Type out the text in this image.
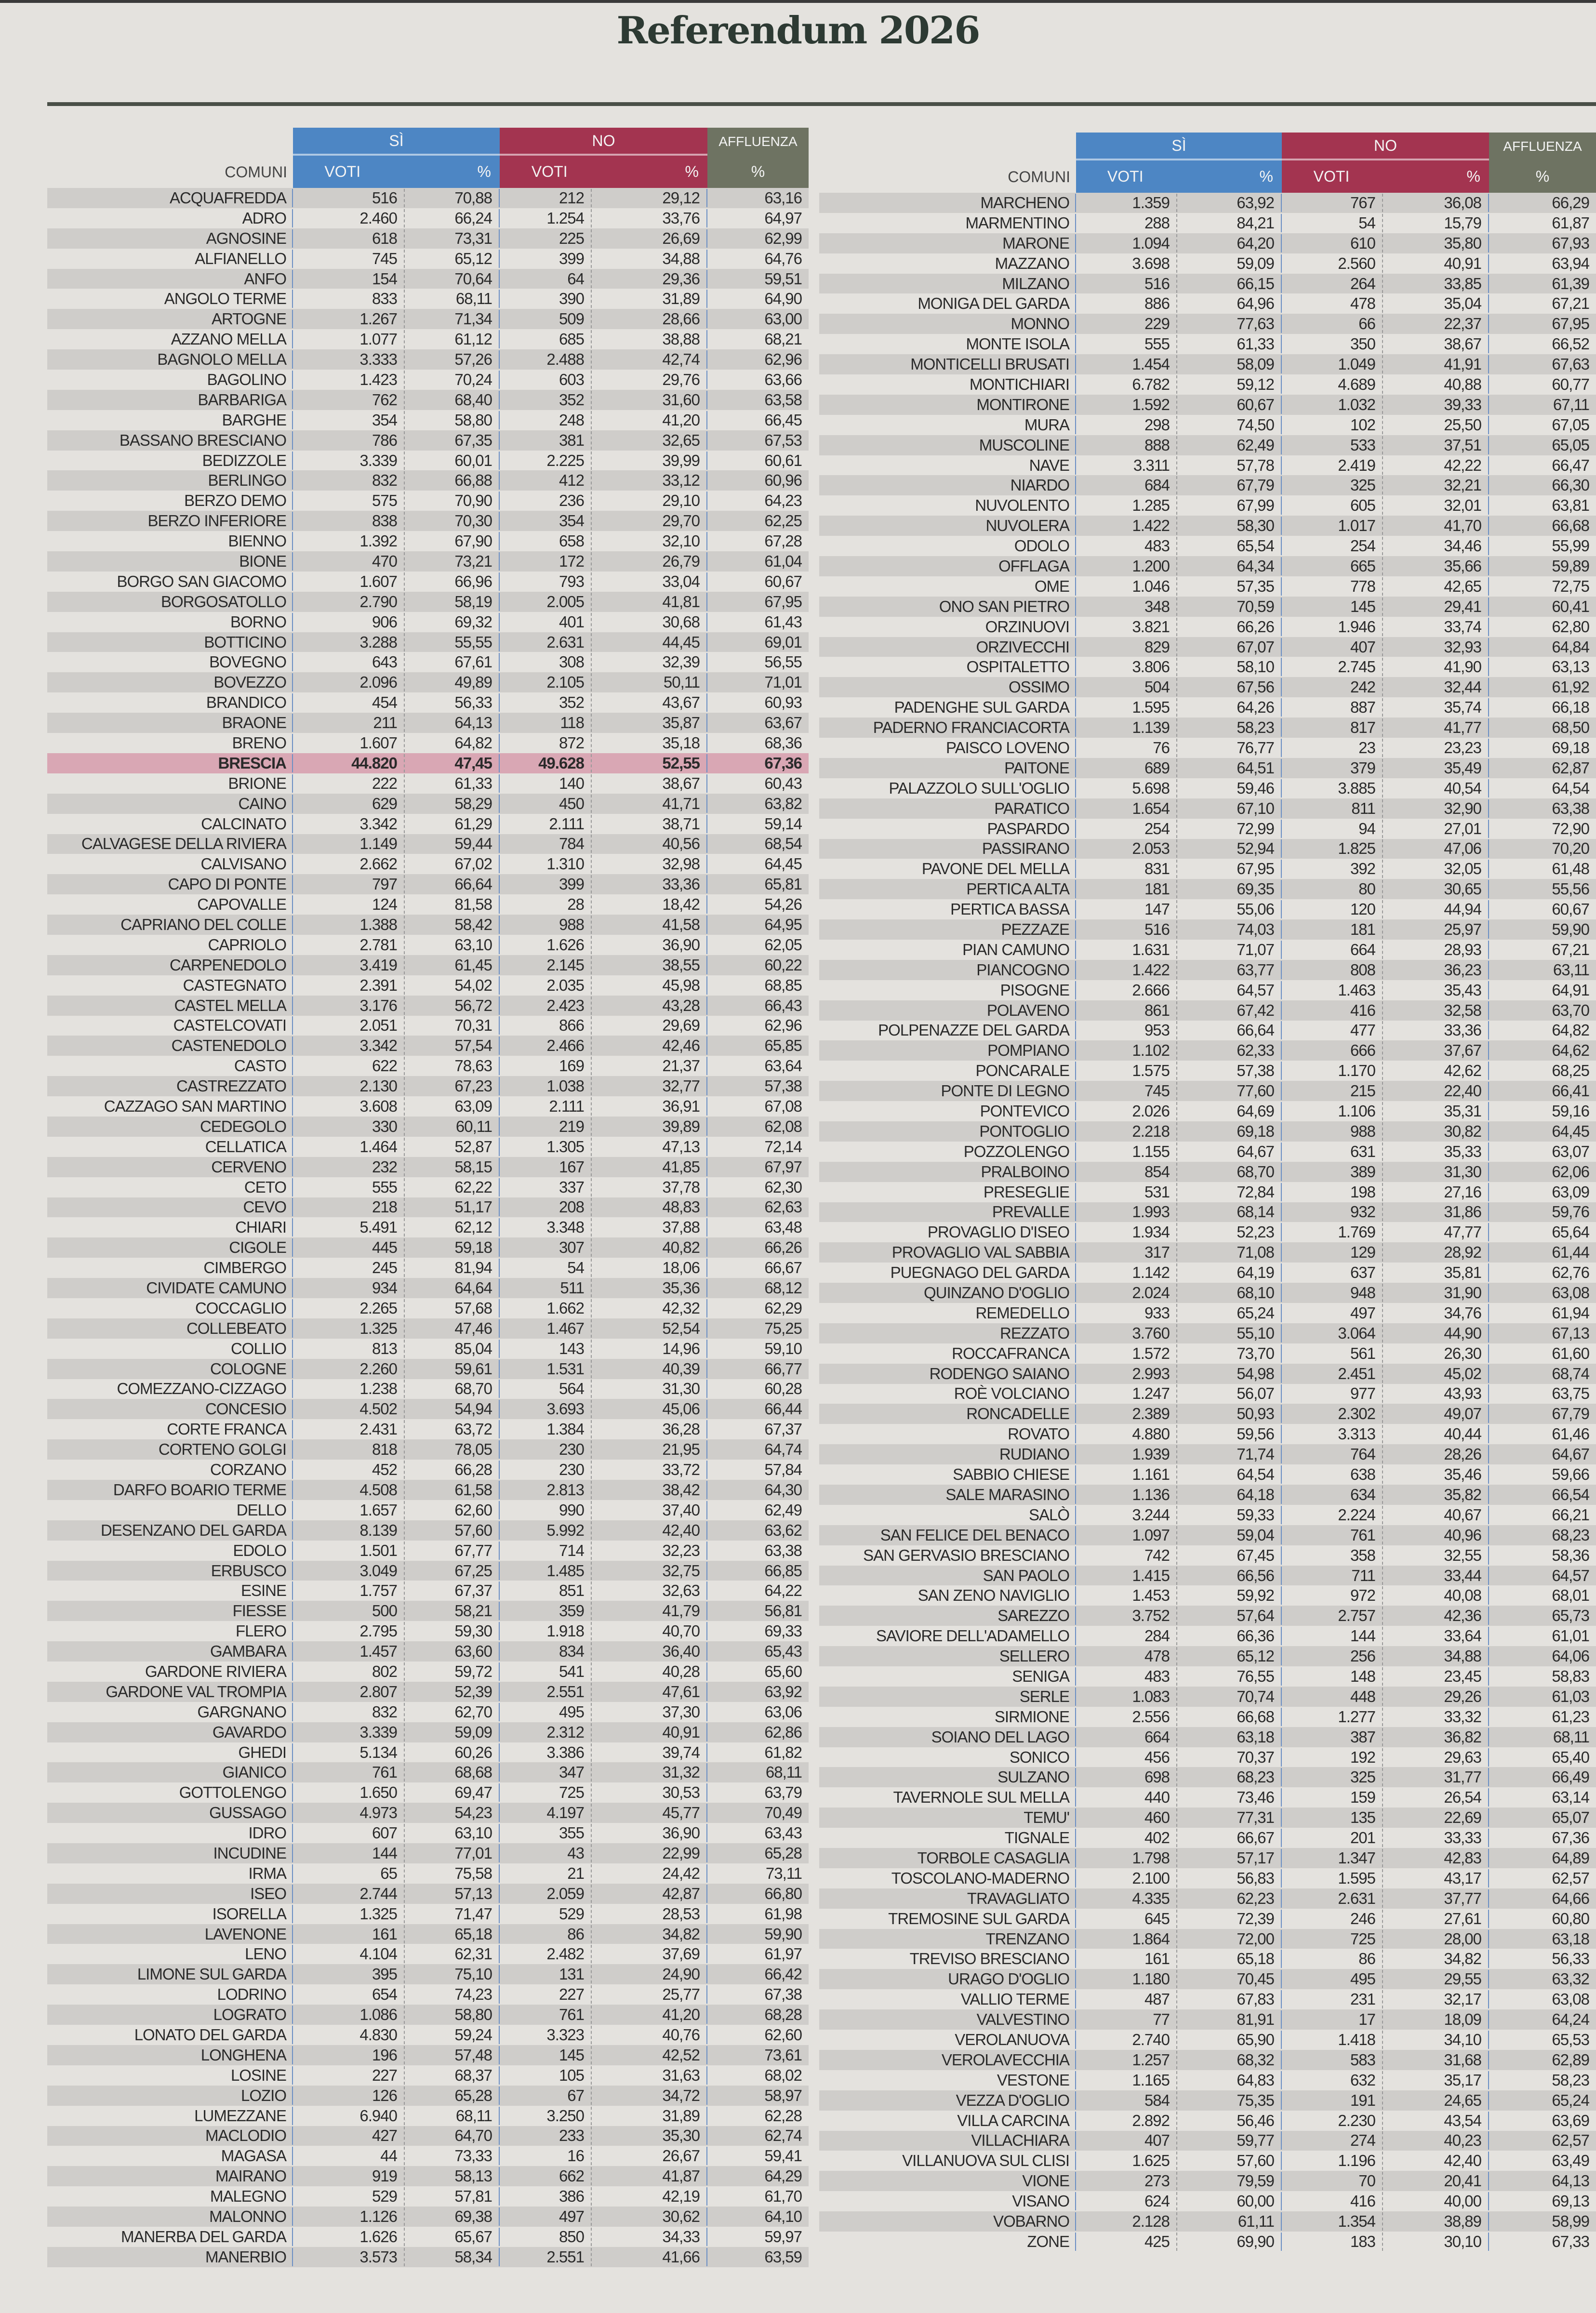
Referendum 2026
COMUNI
SÌ
VOTI	%
NO
VOTI	%
AFFLUENZA
%
ACQUAFREDDA	516	70,88	212	29,12	63,16
ADRO	2.460	66,24	1.254	33,76	64,97
AGNOSINE	618	73,31	225	26,69	62,99
ALFIANELLO	745	65,12	399	34,88	64,76
ANFO	154	70,64	64	29,36	59,51
ANGOLO TERME	833	68,11	390	31,89	64,90
ARTOGNE	1.267	71,34	509	28,66	63,00
AZZANO MELLA	1.077	61,12	685	38,88	68,21
BAGNOLO MELLA	3.333	57,26	2.488	42,74	62,96
BAGOLINO	1.423	70,24	603	29,76	63,66
BARBARIGA	762	68,40	352	31,60	63,58
BARGHE	354	58,80	248	41,20	66,45
BASSANO BRESCIANO	786	67,35	381	32,65	67,53
BEDIZZOLE	3.339	60,01	2.225	39,99	60,61
BERLINGO	832	66,88	412	33,12	60,96
BERZO DEMO	575	70,90	236	29,10	64,23
BERZO INFERIORE	838	70,30	354	29,70	62,25
BIENNO	1.392	67,90	658	32,10	67,28
BIONE	470	73,21	172	26,79	61,04
BORGO SAN GIACOMO	1.607	66,96	793	33,04	60,67
BORGOSATOLLO	2.790	58,19	2.005	41,81	67,95
BORNO	906	69,32	401	30,68	61,43
BOTTICINO	3.288	55,55	2.631	44,45	69,01
BOVEGNO	643	67,61	308	32,39	56,55
BOVEZZO	2.096	49,89	2.105	50,11	71,01
BRANDICO	454	56,33	352	43,67	60,93
BRAONE	211	64,13	118	35,87	63,67
BRENO	1.607	64,82	872	35,18	68,36
BRESCIA	44.820	47,45	49.628	52,55	67,36
BRIONE	222	61,33	140	38,67	60,43
CAINO	629	58,29	450	41,71	63,82
CALCINATO	3.342	61,29	2.111	38,71	59,14
CALVAGESE DELLA RIVIERA	1.149	59,44	784	40,56	68,54
CALVISANO	2.662	67,02	1.310	32,98	64,45
CAPO DI PONTE	797	66,64	399	33,36	65,81
CAPOVALLE	124	81,58	28	18,42	54,26
CAPRIANO DEL COLLE	1.388	58,42	988	41,58	64,95
CAPRIOLO	2.781	63,10	1.626	36,90	62,05
CARPENEDOLO	3.419	61,45	2.145	38,55	60,22
CASTEGNATO	2.391	54,02	2.035	45,98	68,85
CASTEL MELLA	3.176	56,72	2.423	43,28	66,43
CASTELCOVATI	2.051	70,31	866	29,69	62,96
CASTENEDOLO	3.342	57,54	2.466	42,46	65,85
CASTO	622	78,63	169	21,37	63,64
CASTREZZATO	2.130	67,23	1.038	32,77	57,38
CAZZAGO SAN MARTINO	3.608	63,09	2.111	36,91	67,08
CEDEGOLO	330	60,11	219	39,89	62,08
CELLATICA	1.464	52,87	1.305	47,13	72,14
CERVENO	232	58,15	167	41,85	67,97
CETO	555	62,22	337	37,78	62,30
CEVO	218	51,17	208	48,83	62,63
CHIARI	5.491	62,12	3.348	37,88	63,48
CIGOLE	445	59,18	307	40,82	66,26
CIMBERGO	245	81,94	54	18,06	66,67
CIVIDATE CAMUNO	934	64,64	511	35,36	68,12
COCCAGLIO	2.265	57,68	1.662	42,32	62,29
COLLEBEATO	1.325	47,46	1.467	52,54	75,25
COLLIO	813	85,04	143	14,96	59,10
COLOGNE	2.260	59,61	1.531	40,39	66,77
COMEZZANO-CIZZAGO	1.238	68,70	564	31,30	60,28
CONCESIO	4.502	54,94	3.693	45,06	66,44
CORTE FRANCA	2.431	63,72	1.384	36,28	67,37
CORTENO GOLGI	818	78,05	230	21,95	64,74
CORZANO	452	66,28	230	33,72	57,84
DARFO BOARIO TERME	4.508	61,58	2.813	38,42	64,30
DELLO	1.657	62,60	990	37,40	62,49
DESENZANO DEL GARDA	8.139	57,60	5.992	42,40	63,62
EDOLO	1.501	67,77	714	32,23	63,38
ERBUSCO	3.049	67,25	1.485	32,75	66,85
ESINE	1.757	67,37	851	32,63	64,22
FIESSE	500	58,21	359	41,79	56,81
FLERO	2.795	59,30	1.918	40,70	69,33
GAMBARA	1.457	63,60	834	36,40	65,43
GARDONE RIVIERA	802	59,72	541	40,28	65,60
GARDONE VAL TROMPIA	2.807	52,39	2.551	47,61	63,92
GARGNANO	832	62,70	495	37,30	63,06
GAVARDO	3.339	59,09	2.312	40,91	62,86
GHEDI	5.134	60,26	3.386	39,74	61,82
GIANICO	761	68,68	347	31,32	68,11
GOTTOLENGO	1.650	69,47	725	30,53	63,79
GUSSAGO	4.973	54,23	4.197	45,77	70,49
IDRO	607	63,10	355	36,90	63,43
INCUDINE	144	77,01	43	22,99	65,28
IRMA	65	75,58	21	24,42	73,11
ISEO	2.744	57,13	2.059	42,87	66,80
ISORELLA	1.325	71,47	529	28,53	61,98
LAVENONE	161	65,18	86	34,82	59,90
LENO	4.104	62,31	2.482	37,69	61,97
LIMONE SUL GARDA	395	75,10	131	24,90	66,42
LODRINO	654	74,23	227	25,77	67,38
LOGRATO	1.086	58,80	761	41,20	68,28
LONATO DEL GARDA	4.830	59,24	3.323	40,76	62,60
LONGHENA	196	57,48	145	42,52	73,61
LOSINE	227	68,37	105	31,63	68,02
LOZIO	126	65,28	67	34,72	58,97
LUMEZZANE	6.940	68,11	3.250	31,89	62,28
MACLODIO	427	64,70	233	35,30	62,74
MAGASA	44	73,33	16	26,67	59,41
MAIRANO	919	58,13	662	41,87	64,29
MALEGNO	529	57,81	386	42,19	61,70
MALONNO	1.126	69,38	497	30,62	64,10
MANERBA DEL GARDA	1.626	65,67	850	34,33	59,97
MANERBIO	3.573	58,34	2.551	41,66	63,59
COMUNI
SÌ
VOTI	%
NO
VOTI	%
AFFLUENZA
%
MARCHENO	1.359	63,92	767	36,08	66,29
MARMENTINO	288	84,21	54	15,79	61,87
MARONE	1.094	64,20	610	35,80	67,93
MAZZANO	3.698	59,09	2.560	40,91	63,94
MILZANO	516	66,15	264	33,85	61,39
MONIGA DEL GARDA	886	64,96	478	35,04	67,21
MONNO	229	77,63	66	22,37	67,95
MONTE ISOLA	555	61,33	350	38,67	66,52
MONTICELLI BRUSATI	1.454	58,09	1.049	41,91	67,63
MONTICHIARI	6.782	59,12	4.689	40,88	60,77
MONTIRONE	1.592	60,67	1.032	39,33	67,11
MURA	298	74,50	102	25,50	67,05
MUSCOLINE	888	62,49	533	37,51	65,05
NAVE	3.311	57,78	2.419	42,22	66,47
NIARDO	684	67,79	325	32,21	66,30
NUVOLENTO	1.285	67,99	605	32,01	63,81
NUVOLERA	1.422	58,30	1.017	41,70	66,68
ODOLO	483	65,54	254	34,46	55,99
OFFLAGA	1.200	64,34	665	35,66	59,89
OME	1.046	57,35	778	42,65	72,75
ONO SAN PIETRO	348	70,59	145	29,41	60,41
ORZINUOVI	3.821	66,26	1.946	33,74	62,80
ORZIVECCHI	829	67,07	407	32,93	64,84
OSPITALETTO	3.806	58,10	2.745	41,90	63,13
OSSIMO	504	67,56	242	32,44	61,92
PADENGHE SUL GARDA	1.595	64,26	887	35,74	66,18
PADERNO FRANCIACORTA	1.139	58,23	817	41,77	68,50
PAISCO LOVENO	76	76,77	23	23,23	69,18
PAITONE	689	64,51	379	35,49	62,87
PALAZZOLO SULL'OGLIO	5.698	59,46	3.885	40,54	64,54
PARATICO	1.654	67,10	811	32,90	63,38
PASPARDO	254	72,99	94	27,01	72,90
PASSIRANO	2.053	52,94	1.825	47,06	70,20
PAVONE DEL MELLA	831	67,95	392	32,05	61,48
PERTICA ALTA	181	69,35	80	30,65	55,56
PERTICA BASSA	147	55,06	120	44,94	60,67
PEZZAZE	516	74,03	181	25,97	59,90
PIAN CAMUNO	1.631	71,07	664	28,93	67,21
PIANCOGNO	1.422	63,77	808	36,23	63,11
PISOGNE	2.666	64,57	1.463	35,43	64,91
POLAVENO	861	67,42	416	32,58	63,70
POLPENAZZE DEL GARDA	953	66,64	477	33,36	64,82
POMPIANO	1.102	62,33	666	37,67	64,62
PONCARALE	1.575	57,38	1.170	42,62	68,25
PONTE DI LEGNO	745	77,60	215	22,40	66,41
PONTEVICO	2.026	64,69	1.106	35,31	59,16
PONTOGLIO	2.218	69,18	988	30,82	64,45
POZZOLENGO	1.155	64,67	631	35,33	63,07
PRALBOINO	854	68,70	389	31,30	62,06
PRESEGLIE	531	72,84	198	27,16	63,09
PREVALLE	1.993	68,14	932	31,86	59,76
PROVAGLIO D'ISEO	1.934	52,23	1.769	47,77	65,64
PROVAGLIO VAL SABBIA	317	71,08	129	28,92	61,44
PUEGNAGO DEL GARDA	1.142	64,19	637	35,81	62,76
QUINZANO D'OGLIO	2.024	68,10	948	31,90	63,08
REMEDELLO	933	65,24	497	34,76	61,94
REZZATO	3.760	55,10	3.064	44,90	67,13
ROCCAFRANCA	1.572	73,70	561	26,30	61,60
RODENGO SAIANO	2.993	54,98	2.451	45,02	68,74
ROÈ VOLCIANO	1.247	56,07	977	43,93	63,75
RONCADELLE	2.389	50,93	2.302	49,07	67,79
ROVATO	4.880	59,56	3.313	40,44	61,46
RUDIANO	1.939	71,74	764	28,26	64,67
SABBIO CHIESE	1.161	64,54	638	35,46	59,66
SALE MARASINO	1.136	64,18	634	35,82	66,54
SALÒ	3.244	59,33	2.224	40,67	66,21
SAN FELICE DEL BENACO	1.097	59,04	761	40,96	68,23
SAN GERVASIO BRESCIANO	742	67,45	358	32,55	58,36
SAN PAOLO	1.415	66,56	711	33,44	64,57
SAN ZENO NAVIGLIO	1.453	59,92	972	40,08	68,01
SAREZZO	3.752	57,64	2.757	42,36	65,73
SAVIORE DELL'ADAMELLO	284	66,36	144	33,64	61,01
SELLERO	478	65,12	256	34,88	64,06
SENIGA	483	76,55	148	23,45	58,83
SERLE	1.083	70,74	448	29,26	61,03
SIRMIONE	2.556	66,68	1.277	33,32	61,23
SOIANO DEL LAGO	664	63,18	387	36,82	68,11
SONICO	456	70,37	192	29,63	65,40
SULZANO	698	68,23	325	31,77	66,49
TAVERNOLE SUL MELLA	440	73,46	159	26,54	63,14
TEMU'	460	77,31	135	22,69	65,07
TIGNALE	402	66,67	201	33,33	67,36
TORBOLE CASAGLIA	1.798	57,17	1.347	42,83	64,89
TOSCOLANO-MADERNO	2.100	56,83	1.595	43,17	62,57
TRAVAGLIATO	4.335	62,23	2.631	37,77	64,66
TREMOSINE SUL GARDA	645	72,39	246	27,61	60,80
TRENZANO	1.864	72,00	725	28,00	63,18
TREVISO BRESCIANO	161	65,18	86	34,82	56,33
URAGO D'OGLIO	1.180	70,45	495	29,55	63,32
VALLIO TERME	487	67,83	231	32,17	63,08
VALVESTINO	77	81,91	17	18,09	64,24
VEROLANUOVA	2.740	65,90	1.418	34,10	65,53
VEROLAVECCHIA	1.257	68,32	583	31,68	62,89
VESTONE	1.165	64,83	632	35,17	58,23
VEZZA D'OGLIO	584	75,35	191	24,65	65,24
VILLA CARCINA	2.892	56,46	2.230	43,54	63,69
VILLACHIARA	407	59,77	274	40,23	62,57
VILLANUOVA SUL CLISI	1.625	57,60	1.196	42,40	63,49
VIONE	273	79,59	70	20,41	64,13
VISANO	624	60,00	416	40,00	69,13
VOBARNO	2.128	61,11	1.354	38,89	58,99
ZONE	425	69,90	183	30,10	67,33
